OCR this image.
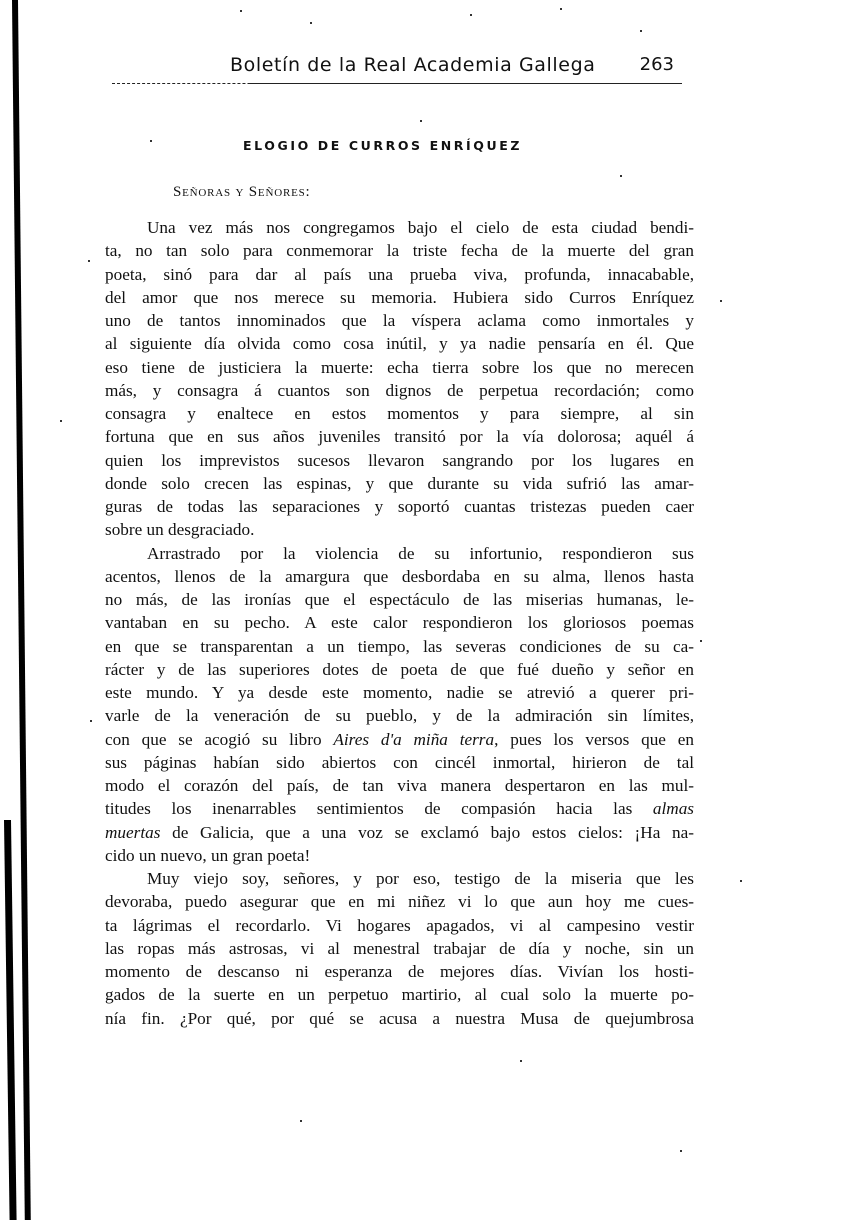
Boletín de la Real Academia Gallega 263
ELOGIO DE CURROS ENRÍQUEZ
Señoras y Señores:
Una vez más nos congregamos bajo el cielo de esta ciudad bendi-
ta, no tan solo para conmemorar la triste fecha de la muerte del gran
poeta, sinó para dar al país una prueba viva, profunda, innacabable,
del amor que nos merece su memoria. Hubiera sido Curros Enríquez
uno de tantos innominados que la víspera aclama como inmortales y
al siguiente día olvida como cosa inútil, y ya nadie pensaría en él. Que
eso tiene de justiciera la muerte: echa tierra sobre los que no merecen
más, y consagra á cuantos son dignos de perpetua recordación; como
consagra y enaltece en estos momentos y para siempre, al sin
fortuna que en sus años juveniles transitó por la vía dolorosa; aquél á
quien los imprevistos sucesos llevaron sangrando por los lugares en
donde solo crecen las espinas, y que durante su vida sufrió las amar-
guras de todas las separaciones y soportó cuantas tristezas pueden caer
sobre un desgraciado.
Arrastrado por la violencia de su infortunio, respondieron sus
acentos, llenos de la amargura que desbordaba en su alma, llenos hasta
no más, de las ironías que el espectáculo de las miserias humanas, le-
vantaban en su pecho. A este calor respondieron los gloriosos poemas
en que se transparentan a un tiempo, las severas condiciones de su ca-
rácter y de las superiores dotes de poeta de que fué dueño y señor en
este mundo. Y ya desde este momento, nadie se atrevió a querer pri-
varle de la veneración de su pueblo, y de la admiración sin límites,
con que se acogió su libro Aires d'a miña terra, pues los versos que en
sus páginas habían sido abiertos con cincél inmortal, hirieron de tal
modo el corazón del país, de tan viva manera despertaron en las mul-
titudes los inenarrables sentimientos de compasión hacia las almas
muertas de Galicia, que a una voz se exclamó bajo estos cielos: ¡Ha na-
cido un nuevo, un gran poeta!
Muy viejo soy, señores, y por eso, testigo de la miseria que les
devoraba, puedo asegurar que en mi niñez vi lo que aun hoy me cues-
ta lágrimas el recordarlo. Vi hogares apagados, vi al campesino vestir
las ropas más astrosas, vi al menestral trabajar de día y noche, sin un
momento de descanso ni esperanza de mejores días. Vivían los hosti-
gados de la suerte en un perpetuo martirio, al cual solo la muerte po-
nía fin. ¿Por qué, por qué se acusa a nuestra Musa de quejumbrosa
